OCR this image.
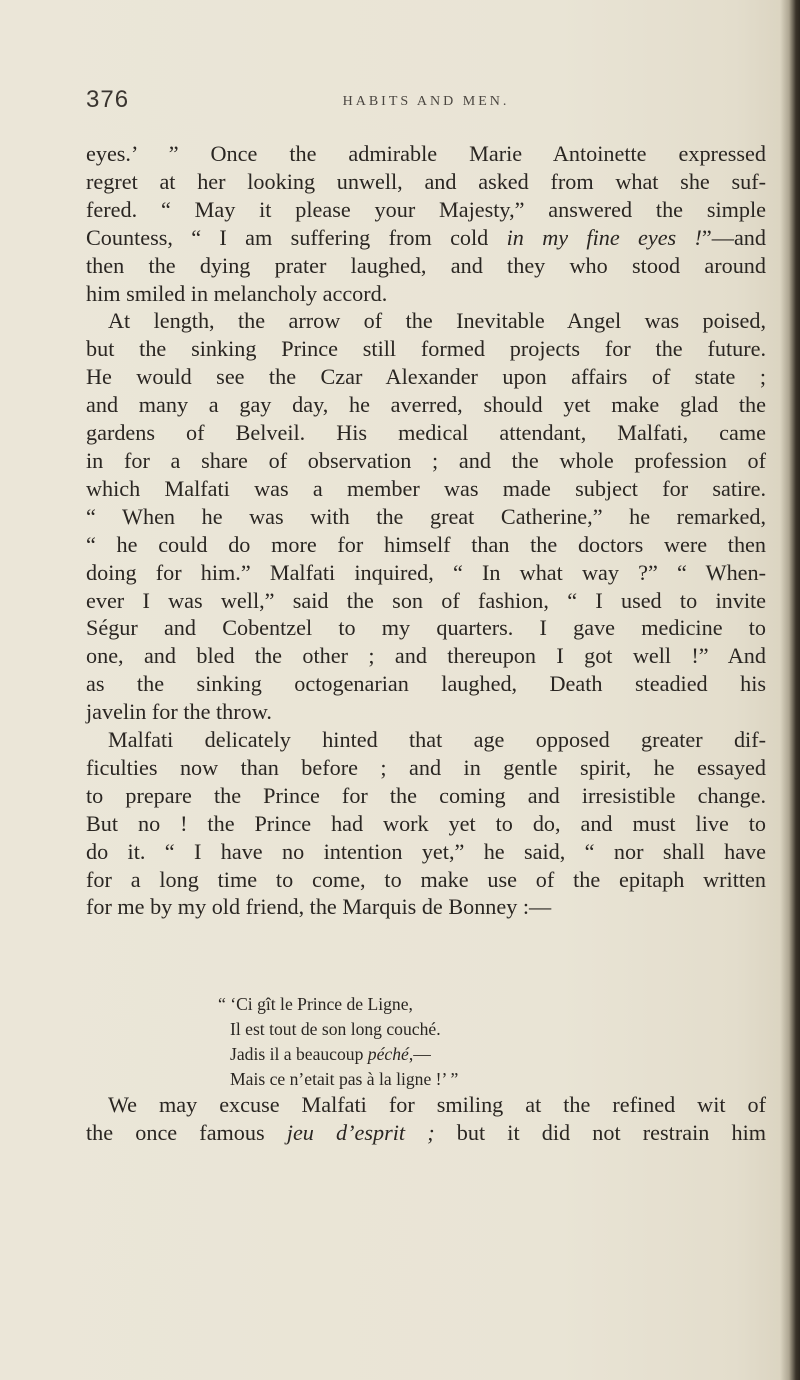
376	HABITS AND MEN.
eyes.’ ” Once the admirable Marie Antoinette expressed
regret at her looking unwell, and asked from what she suf-
fered. “ May it please your Majesty,” answered the simple
Countess, “ I am suffering from cold in my fine eyes !”—and
then the dying prater laughed, and they who stood around
him smiled in melancholy accord.
At length, the arrow of the Inevitable Angel was poised,
but the sinking Prince still formed projects for the future.
He would see the Czar Alexander upon affairs of state ;
and many a gay day, he averred, should yet make glad the
gardens of Belveil. His medical attendant, Malfati, came
in for a share of observation ; and the whole profession of
which Malfati was a member was made subject for satire.
“ When he was with the great Catherine,” he remarked,
“ he could do more for himself than the doctors were then
doing for him.” Malfati inquired, “ In what way ?” “ When-
ever I was well,” said the son of fashion, “ I used to invite
Ségur and Cobentzel to my quarters. I gave medicine to
one, and bled the other ; and thereupon I got well !” And
as the sinking octogenarian laughed, Death steadied his
javelin for the throw.
Malfati delicately hinted that age opposed greater dif-
ficulties now than before ; and in gentle spirit, he essayed
to prepare the Prince for the coming and irresistible change.
But no ! the Prince had work yet to do, and must live to
do it. “ I have no intention yet,” he said, “ nor shall have
for a long time to come, to make use of the epitaph written
for me by my old friend, the Marquis de Bonney :—
“ ‘Ci gît le Prince de Ligne,
Il est tout de son long couché.
Jadis il a beaucoup péché,—
Mais ce n’etait pas à la ligne !’ ”
We may excuse Malfati for smiling at the refined wit of
the once famous jeu d’esprit ; but it did not restrain him
